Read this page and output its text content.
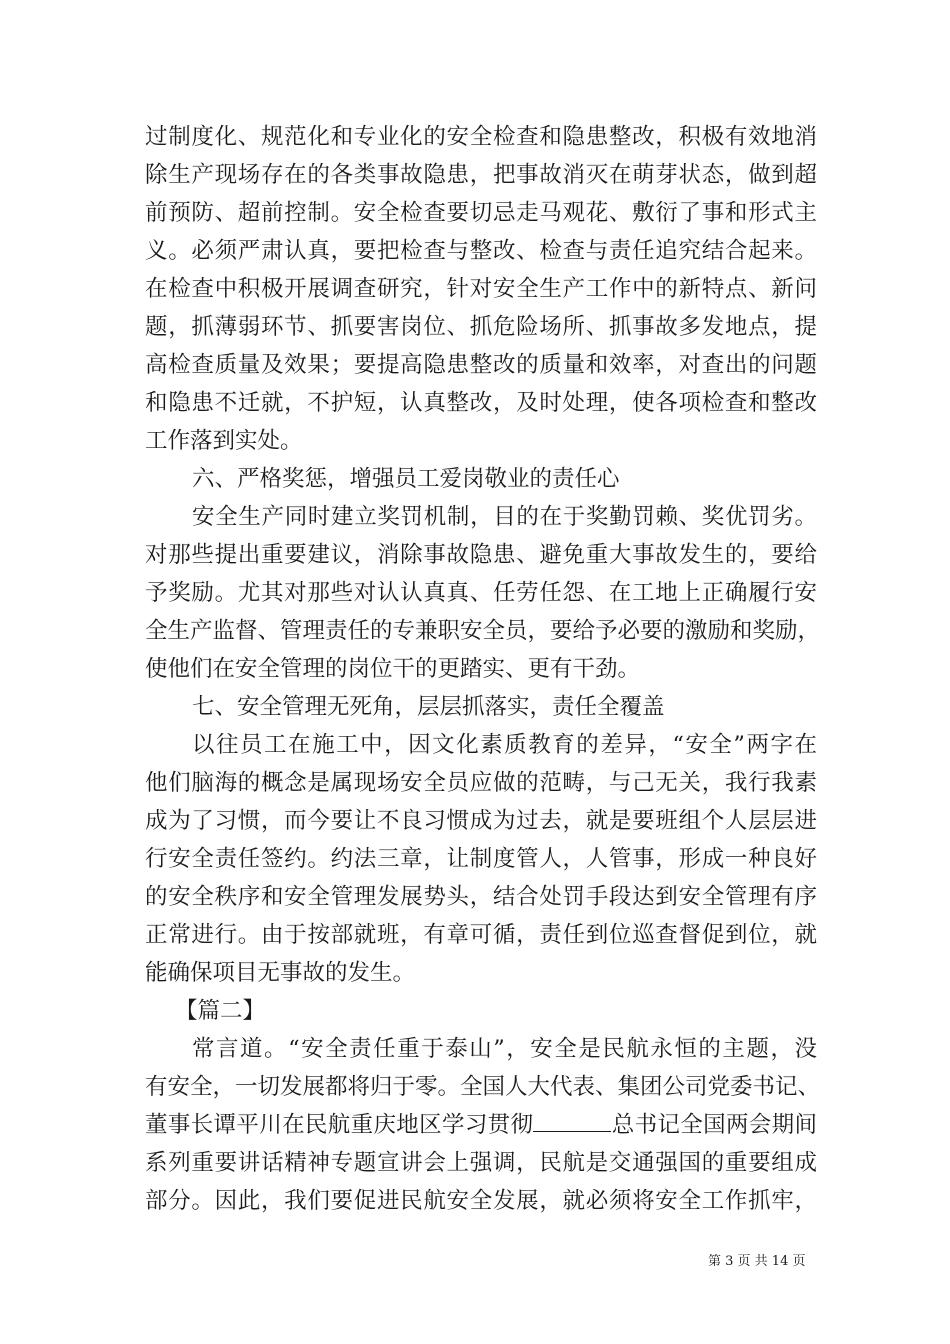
过制度化、规范化和专业化的安全检查和隐患整改，积极有效地消
除生产现场存在的各类事故隐患，把事故消灭在萌芽状态，做到超
前预防、超前控制。安全检查要切忌走马观花、敷衍了事和形式主
义。必须严肃认真，要把检查与整改、检查与责任追究结合起来。
在检查中积极开展调查研究，针对安全生产工作中的新特点、新问
题，抓薄弱环节、抓要害岗位、抓危险场所、抓事故多发地点，提
高检查质量及效果；要提高隐患整改的质量和效率，对查出的问题
和隐患不迁就，不护短，认真整改，及时处理，使各项检查和整改
工作落到实处。
六、严格奖惩，增强员工爱岗敬业的责任心
安全生产同时建立奖罚机制，目的在于奖勤罚赖、奖优罚劣。
对那些提出重要建议，消除事故隐患、避免重大事故发生的，要给
予奖励。尤其对那些对认认真真、任劳任怨、在工地上正确履行安
全生产监督、管理责任的专兼职安全员，要给予必要的激励和奖励，
使他们在安全管理的岗位干的更踏实、更有干劲。
七、安全管理无死角，层层抓落实，责任全覆盖
以往员工在施工中，因文化素质教育的差异，“安全”两字在
他们脑海的概念是属现场安全员应做的范畴，与己无关，我行我素
成为了习惯，而今要让不良习惯成为过去，就是要班组个人层层进
行安全责任签约。约法三章，让制度管人，人管事，形成一种良好
的安全秩序和安全管理发展势头，结合处罚手段达到安全管理有序
正常进行。由于按部就班，有章可循，责任到位巡查督促到位，就
能确保项目无事故的发生。
【篇二】
常言道。“安全责任重于泰山”，安全是民航永恒的主题，没
有安全，一切发展都将归于零。全国人大代表、集团公司党委书记、
董事长谭平川在民航重庆地区学习贯彻	总书记全国两会期间
系列重要讲话精神专题宣讲会上强调，民航是交通强国的重要组成
部分。因此，我们要促进民航安全发展，就必须将安全工作抓牢，
第 3 页 共 14 页
